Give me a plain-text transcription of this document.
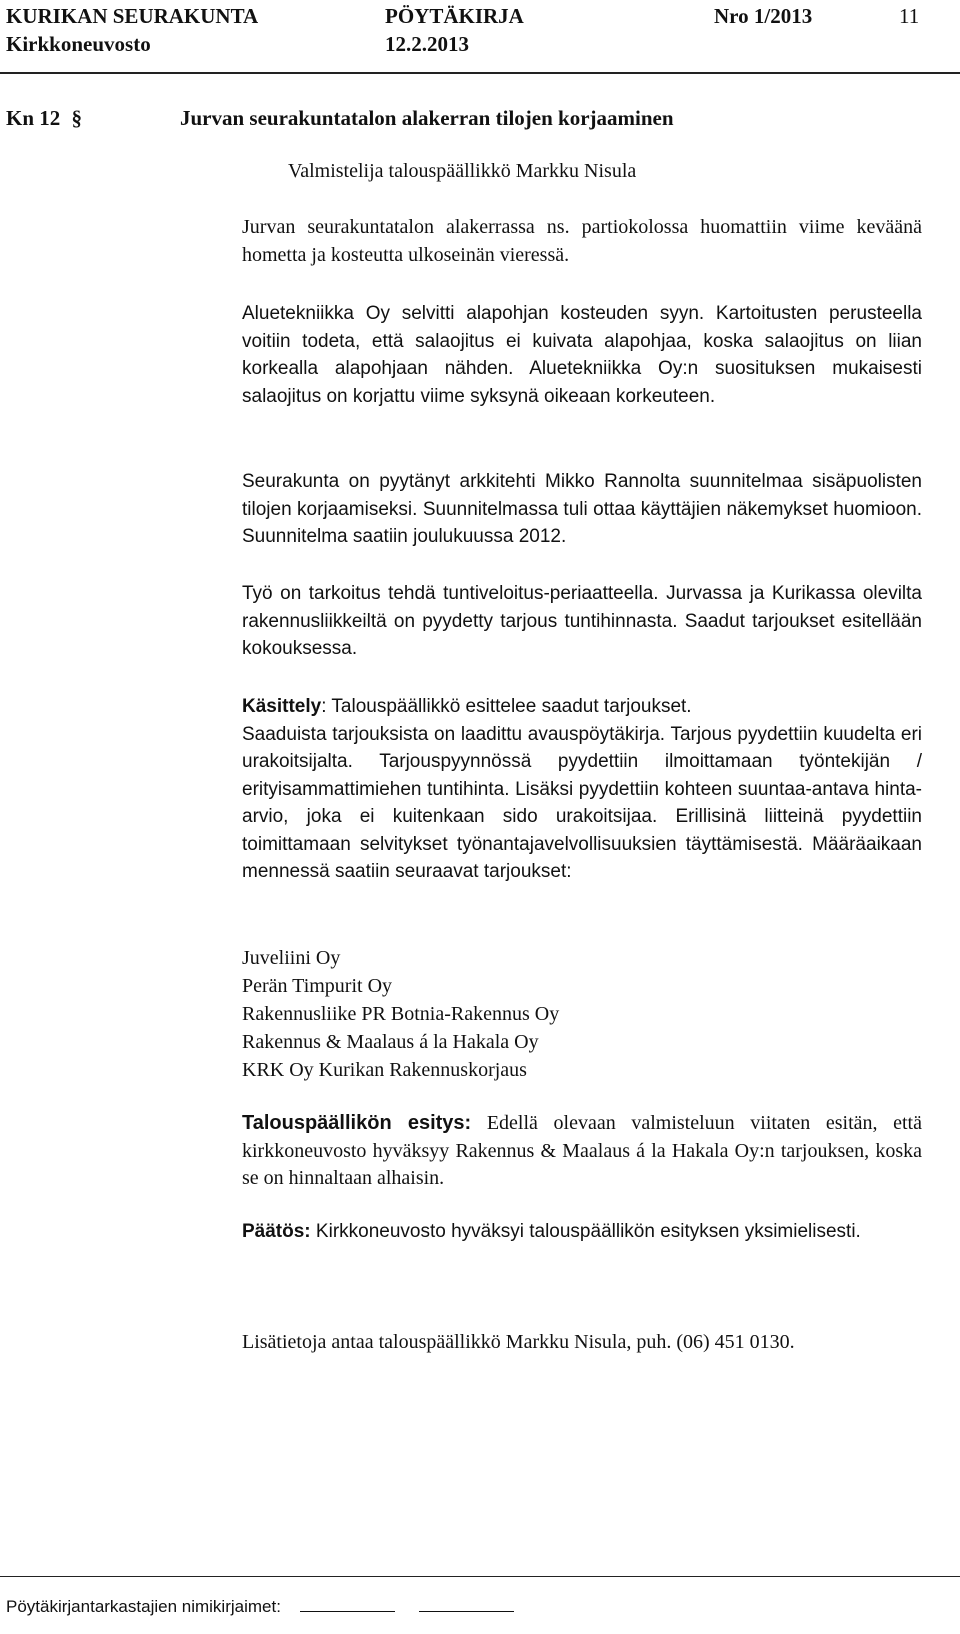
KURIKAN SEURAKUNTA	PÖYTÄKIRJA	Nro 1/2013	11
Kirkkoneuvosto	12.2.2013
Kn 12 §	Jurvan seurakuntatalon alakerran tilojen korjaaminen
Valmistelija talouspäällikkö Markku Nisula

Jurvan seurakuntatalon alakerrassa ns. partiokolossa huomattiin viime keväänä hometta ja kosteutta ulkoseinän vieressä.

Aluetekniikka Oy selvitti alapohjan kosteuden syyn. Kartoitusten perusteella voitiin todeta, että salaojitus ei kuivata alapohjaa, koska salaojitus on liian korkealla alapohjaan nähden. Aluetekniikka Oy:n suosituksen mukaisesti salaojitus on korjattu viime syksynä oikeaan korkeuteen.

Seurakunta on pyytänyt arkkitehti Mikko Rannolta suunnitelmaa sisäpuolisten tilojen korjaamiseksi. Suunnitelmassa tuli ottaa käyttäjien näkemykset huomioon. Suunnitelma saatiin joulukuussa 2012.

Työ on tarkoitus tehdä tuntiveloitus-periaatteella. Jurvassa ja Kurikassa olevilta rakennusliikkeiltä on pyydetty tarjous tuntihinnasta. Saadut tarjoukset esitellään kokouksessa.

Käsittely: Talouspäällikkö esittelee saadut tarjoukset.

Saaduista tarjouksista on laadittu avauspöytäkirja. Tarjous pyydettiin kuudelta eri urakoitsijalta. Tarjouspyynnössä pyydettiin ilmoittamaan työntekijän / erityisammattimiehen tuntihinta. Lisäksi pyydettiin kohteen suuntaa-antava hinta-arvio, joka ei kuitenkaan sido urakoitsijaa. Erillisinä liitteinä pyydettiin toimittamaan selvitykset työnantajavelvollisuuksien täyttämisestä. Määräaikaan mennessä saatiin seuraavat tarjoukset:

Juveliini Oy
Perän Timpurit Oy
Rakennusliike PR Botnia-Rakennus Oy
Rakennus & Maalaus á la Hakala Oy
KRK Oy Kurikan Rakennuskorjaus

Talouspäällikön esitys: Edellä olevaan valmisteluun viitaten esitän, että kirkkoneuvosto hyväksyy Rakennus & Maalaus á la Hakala Oy:n tarjouksen, koska se on hinnaltaan alhaisin.

Päätös: Kirkkoneuvosto hyväksyi talouspäällikön esityksen yksimielisesti.

Lisätietoja antaa talouspäällikkö Markku Nisula, puh. (06) 451 0130.
Pöytäkirjantarkastajien nimikirjaimet:
